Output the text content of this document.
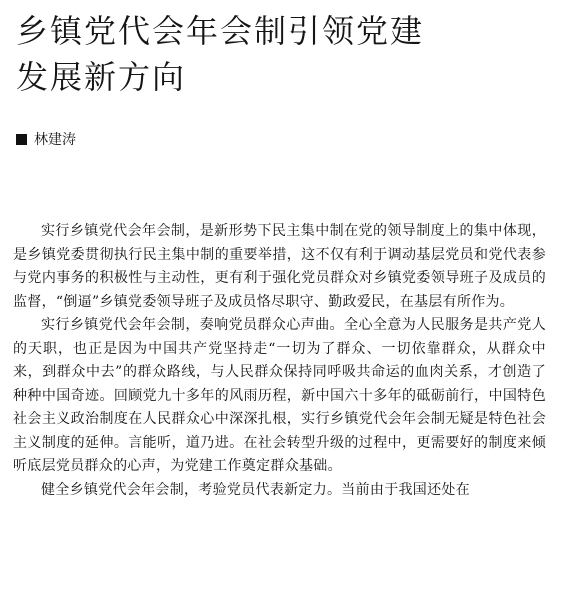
乡镇党代会年会制引领党建
发展新方向
林建涛

实行乡镇党代会年会制，是新形势下民主集中制在党的领导制度上的集中体现，是乡镇党委贯彻执行民主集中制的重要举措，这不仅有利于调动基层党员和党代表参与党内事务的积极性与主动性，更有利于强化党员群众对乡镇党委领导班子及成员的监督，“倒逼”乡镇党委领导班子及成员恪尽职守、勤政爱民，在基层有所作为。

实行乡镇党代会年会制，奏响党员群众心声曲。全心全意为人民服务是共产党人的天职，也正是因为中国共产党坚持走“一切为了群众、一切依靠群众，从群众中来，到群众中去”的群众路线，与人民群众保持同呼吸共命运的血肉关系，才创造了种种中国奇迹。回顾党九十多年的风雨历程，新中国六十多年的砥砺前行，中国特色社会主义政治制度在人民群众心中深深扎根，实行乡镇党代会年会制无疑是特色社会主义制度的延伸。言能听，道乃进。在社会转型升级的过程中，更需要好的制度来倾听底层党员群众的心声，为党建工作奠定群众基础。

健全乡镇党代会年会制，考验党员代表新定力。当前由于我国还处在
